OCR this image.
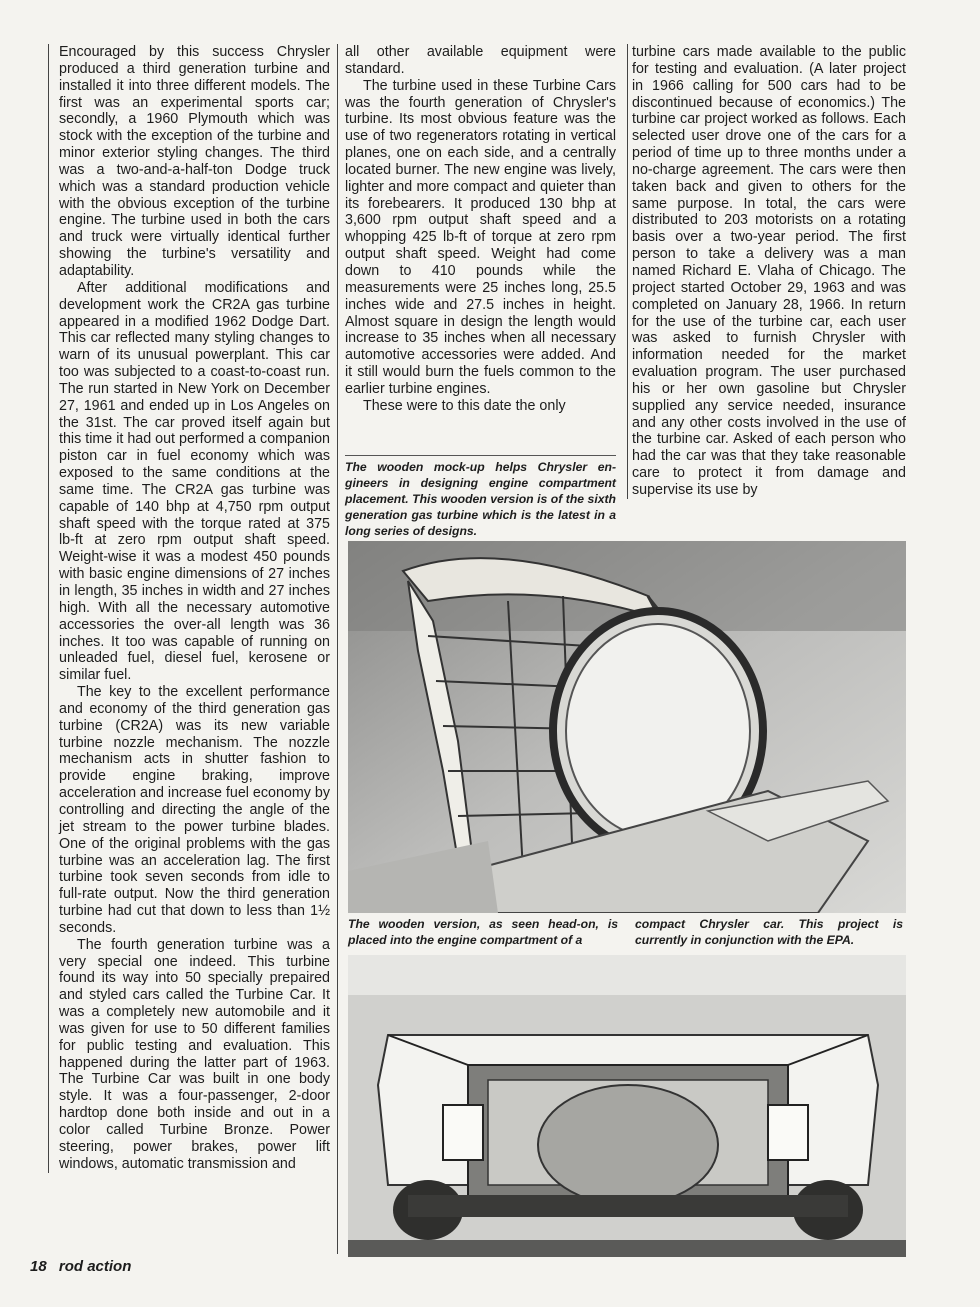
Encouraged by this success Chrysler produced a third generation turbine and installed it into three different models. The first was an experimental sports car; secondly, a 1960 Plymouth which was stock with the exception of the turbine and minor exterior styling changes. The third was a two-and-a-half-ton Dodge truck which was a standard production vehicle with the obvious exception of the turbine engine. The turbine used in both the cars and truck were virtually identical further showing the turbine's versatility and adaptability.

After additional modifications and development work the CR2A gas turbine appeared in a modified 1962 Dodge Dart. This car reflected many styling changes to warn of its unusual powerplant. This car too was subjected to a coast-to-coast run. The run started in New York on December 27, 1961 and ended up in Los Angeles on the 31st. The car proved itself again but this time it had out performed a companion piston car in fuel economy which was exposed to the same conditions at the same time. The CR2A gas turbine was capable of 140 bhp at 4,750 rpm output shaft speed with the torque rated at 375 lb-ft at zero rpm output shaft speed. Weight-wise it was a modest 450 pounds with basic engine dimensions of 27 inches in length, 35 inches in width and 27 inches high. With all the necessary automotive accessories the over-all length was 36 inches. It too was capable of running on unleaded fuel, diesel fuel, kerosene or similar fuel.

The key to the excellent performance and economy of the third generation gas turbine (CR2A) was its new variable turbine nozzle mechanism. The nozzle mechanism acts in shutter fashion to provide engine braking, improve acceleration and increase fuel economy by controlling and directing the angle of the jet stream to the power turbine blades. One of the original problems with the gas turbine was an acceleration lag. The first turbine took seven seconds from idle to full-rate output. Now the third generation turbine had cut that down to less than 1½ seconds.

The fourth generation turbine was a very special one indeed. This turbine found its way into 50 specially prepaired and styled cars called the Turbine Car. It was a completely new automobile and it was given for use to 50 different families for public testing and evaluation. This happened during the latter part of 1963. The Turbine Car was built in one body style. It was a four-passenger, 2-door hardtop done both inside and out in a color called Turbine Bronze. Power steering, power brakes, power lift windows, automatic transmission and

all other available equipment were standard.

The turbine used in these Turbine Cars was the fourth generation of Chrysler's turbine. Its most obvious feature was the use of two regenerators rotating in vertical planes, one on each side, and a centrally located burner. The new engine was lively, lighter and more compact and quieter than its forebearers. It produced 130 bhp at 3,600 rpm output shaft speed and a whopping 425 lb-ft of torque at zero rpm output shaft speed. Weight had come down to 410 pounds while the measurements were 25 inches long, 25.5 inches wide and 27.5 inches in height. Almost square in design the length would increase to 35 inches when all necessary automotive accessories were added. And it still would burn the fuels common to the earlier turbine engines.

These were to this date the only

The wooden mock-up helps Chrysler engineers in designing engine compartment placement. This wooden version is of the sixth generation gas turbine which is the latest in a long series of designs.

turbine cars made available to the public for testing and evaluation. (A later project in 1966 calling for 500 cars had to be discontinued because of economics.) The turbine car project worked as follows. Each selected user drove one of the cars for a period of time up to three months under a no-charge agreement. The cars were then taken back and given to others for the same purpose. In total, the cars were distributed to 203 motorists on a rotating basis over a two-year period. The first person to take a delivery was a man named Richard E. Vlaha of Chicago. The project started October 29, 1963 and was completed on January 28, 1966. In return for the use of the turbine car, each user was asked to furnish Chrysler with information needed for the market evaluation program. The user purchased his or her own gasoline but Chrysler supplied any service needed, insurance and any other costs involved in the use of the turbine car. Asked of each person who had the car was that they take reasonable care to protect it from damage and supervise its use by

The wooden version, as seen head-on, is placed into the engine compartment of a
compact Chrysler car. This project is currently in conjunction with the EPA.
18 rod action
